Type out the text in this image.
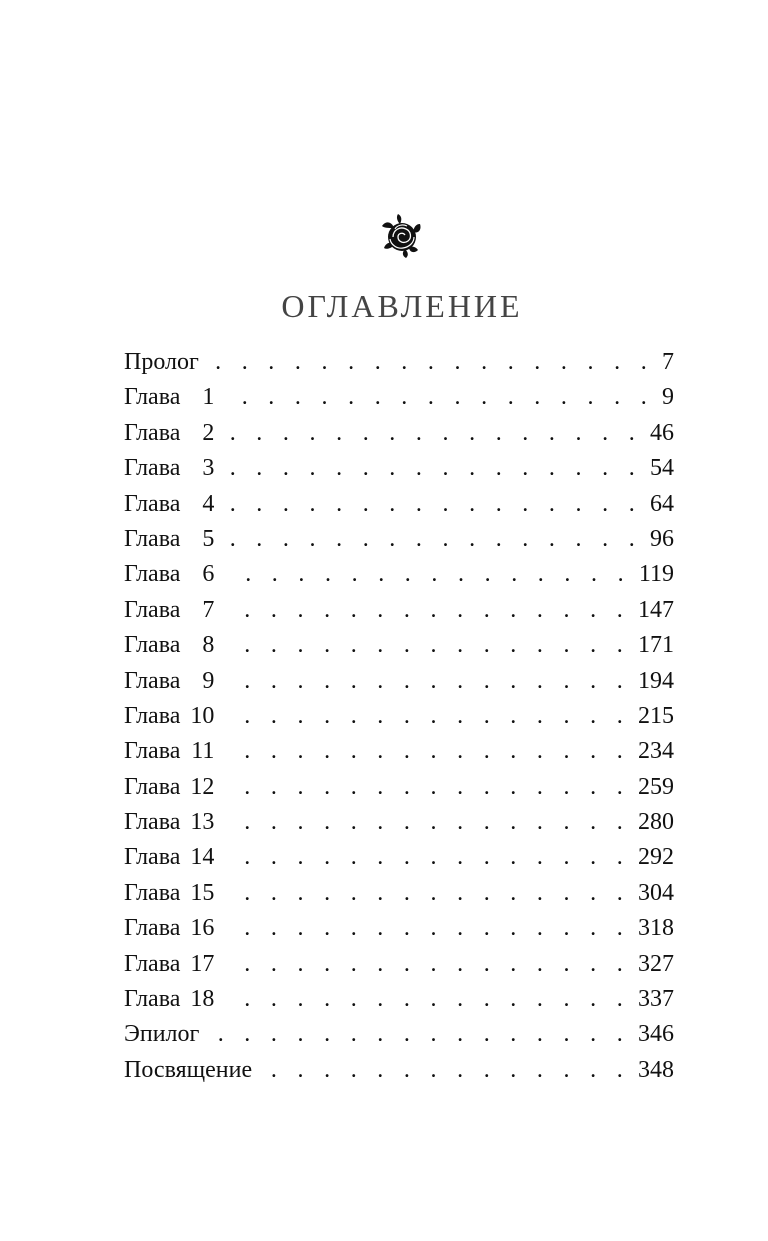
ОГЛАВЛЕНИЕ
Пролог . . .	7
Глава 1 . . .	9
Глава 2 . . .	46
Глава 3 . . .	54
Глава 4 . . .	64
Глава 5 . . .	96
Глава 6 . . .	119
Глава 7 . . .	147
Глава 8 . . .	171
Глава 9 . . .	194
Глава 10 . . .	215
Глава 11 . . .	234
Глава 12 . . .	259
Глава 13 . . .	280
Глава 14 . . .	292
Глава 15 . . .	304
Глава 16 . . .	318
Глава 17 . . .	327
Глава 18 . . .	337
Эпилог . . .	346
Посвящение . . .	348
